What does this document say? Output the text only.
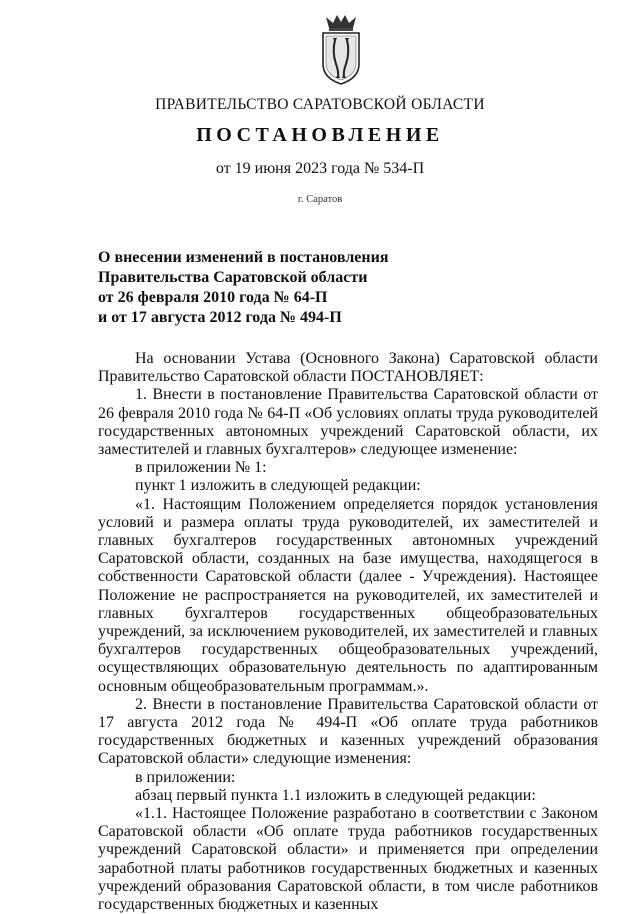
ПРАВИТЕЛЬСТВО САРАТОВСКОЙ ОБЛАСТИ
ПОСТАНОВЛЕНИЕ
от 19 июня 2023 года № 534-П
г. Саратов
О внесении изменений в постановления
Правительства Саратовской области
от 26 февраля 2010 года № 64-П
и от 17 августа 2012 года № 494-П

На основании Устава (Основного Закона) Саратовской области Правительство Саратовской области ПОСТАНОВЛЯЕТ:

1. Внести в постановление Правительства Саратовской области от 26 февраля 2010 года № 64-П «Об условиях оплаты труда руководителей государственных автономных учреждений Саратовской области, их заместителей и главных бухгалтеров» следующее изменение:

в приложении № 1:

пункт 1 изложить в следующей редакции:

«1. Настоящим Положением определяется порядок установления условий и размера оплаты труда руководителей, их заместителей и главных бухгалтеров государственных автономных учреждений Саратовской области, созданных на базе имущества, находящегося в собственности Саратовской области (далее - Учреждения). Настоящее Положение не распространяется на руководителей, их заместителей и главных бухгалтеров государственных общеобразовательных учреждений, за исключением руководителей, их заместителей и главных бухгалтеров государственных общеобразовательных учреждений, осуществляющих образовательную деятельность по адаптированным основным общеобразовательным программам.».

2. Внести в постановление Правительства Саратовской области от 17 августа 2012 года № 494-П «Об оплате труда работников государственных бюджетных и казенных учреждений образования Саратовской области» следующие изменения:

в приложении:

абзац первый пункта 1.1 изложить в следующей редакции:

«1.1. Настоящее Положение разработано в соответствии с Законом Саратовской области «Об оплате труда работников государственных учреждений Саратовской области» и применяется при определении заработной платы работников государственных бюджетных и казенных учреждений образования Саратовской области, в том числе работников государственных бюджетных и казенных
